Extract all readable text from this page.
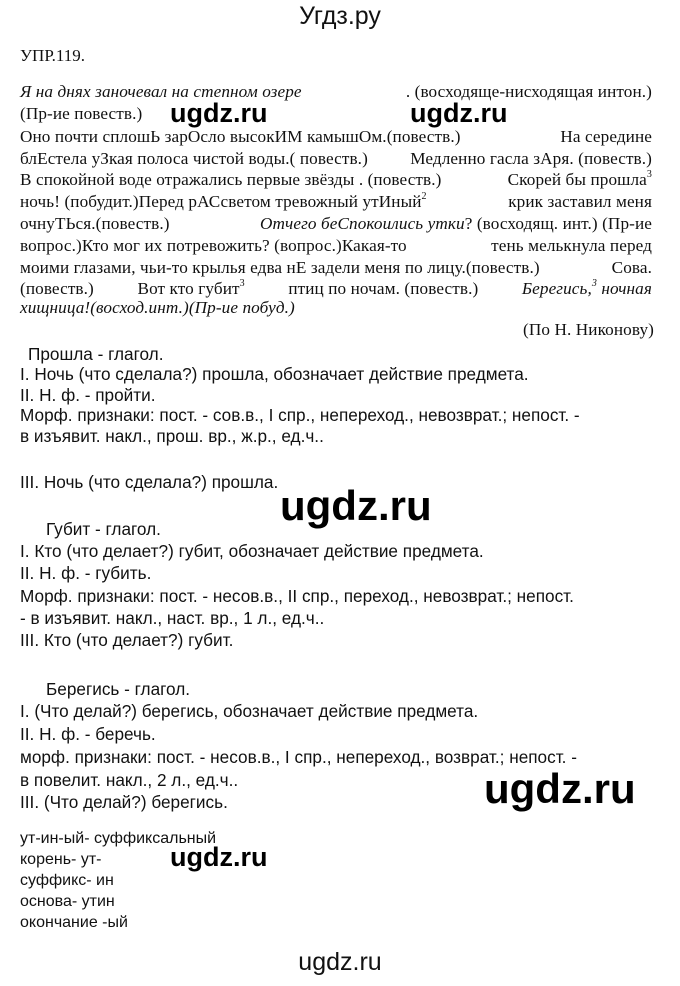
Угдз.ру
УПР.119.
Я на днях заночевал на степном озере	. (восходяще-нисходящая интон.)
(Пр-ие повеств.)
Оно почти сплошЬ зарОсло высокИМ камышОм.(повеств.)	На середине
блЕстела уЗкая полоса чистой воды.( повеств.) Медленно гасла зАря. (повеств.)
В спокойной воде отражались первые звёзды . (повеств.)	Скорей бы прошла$^3$
ночь! (побудит.)Перед рАСсветом тревожный утИный$^2$	крик заставил меня
очнуТЬся.(повеств.)	Отчего беСпокоились утки? (восходящ. инт.) (Пр-ие
вопрос.)Кто мог их потревожить? (вопрос.)Какая-то	тень мелькнула перед
моими глазами, чьи-то крылья едва нЕ задели меня по лицу.(повеств.)	Сова.
(повеств.)	Вот кто губит$^3$	птиц по ночам. (повеств.)	Берегись,$^3$ ночная
хищница!(восход.инт.)(Пр-ие побуд.)
(По Н. Никонову)
Прошла - глагол.
I. Ночь (что сделала?) прошла, обозначает действие предмета.
II. Н. ф. - пройти.
Морф. признаки: пост. - сов.в., I спр., непереход., невозврат.; непост. -
в изъявит. накл., прош. вр., ж.р., ед.ч..
III. Ночь (что сделала?) прошла.
Губит - глагол.
I. Кто (что делает?) губит, обозначает действие предмета.
II. Н. ф. - губить.
Морф. признаки: пост. - несов.в., II спр., переход., невозврат.; непост.
- в изъявит. накл., наст. вр., 1 л., ед.ч..
III. Кто (что делает?) губит.
Берегись - глагол.
I. (Что делай?) берегись, обозначает действие предмета.
II. Н. ф. - беречь.
морф. признаки: пост. - несов.в., I спр., непереход., возврат.; непост. -
в повелит. накл., 2 л., ед.ч..
III. (Что делай?) берегись.
ут-ин-ый- суффиксальный
корень- ут-
суффикс- ин
основа- утин
окончание -ый
ugdz.ru	ugdz.ru
ugdz.ru
ugdz.ru
ugdz.ru
ugdz.ru
